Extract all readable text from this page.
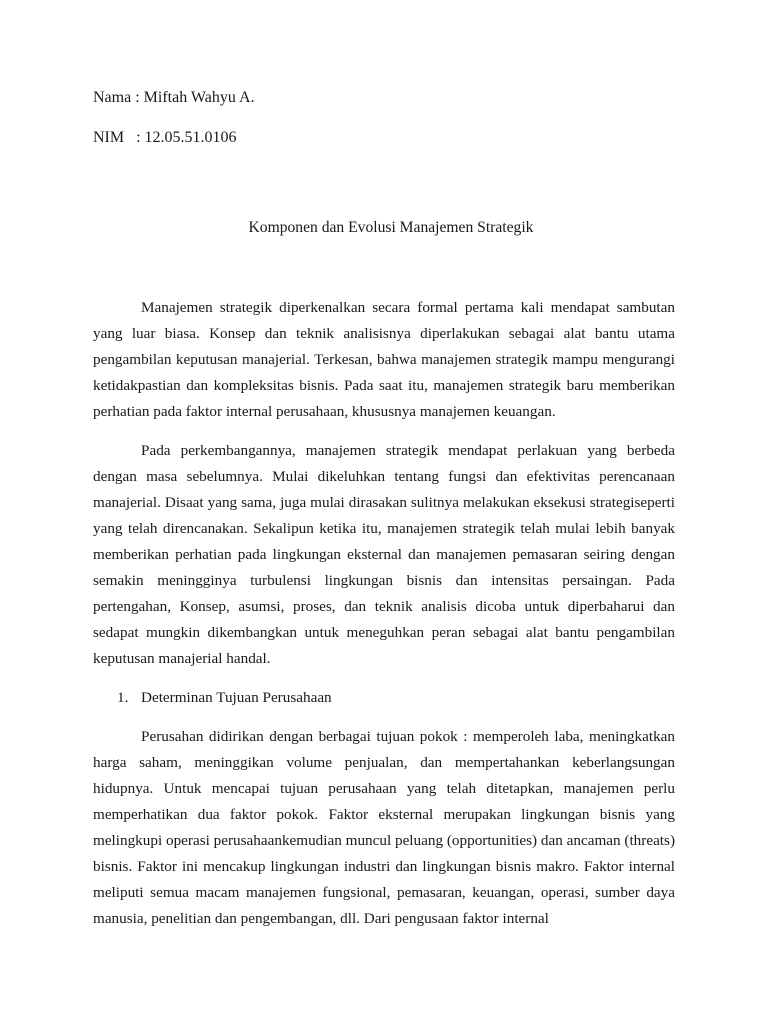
Nama : Miftah Wahyu A.

NIM   : 12.05.51.0106

Komponen dan Evolusi Manajemen Strategik

Manajemen strategik diperkenalkan secara formal pertama kali mendapat sambutan yang luar biasa. Konsep dan teknik analisisnya diperlakukan sebagai alat bantu utama pengambilan keputusan manajerial. Terkesan, bahwa manajemen strategik mampu mengurangi ketidakpastian dan kompleksitas bisnis. Pada saat itu, manajemen strategik baru memberikan perhatian pada faktor internal perusahaan, khususnya manajemen keuangan.

Pada perkembangannya, manajemen strategik mendapat perlakuan yang berbeda dengan masa sebelumnya. Mulai dikeluhkan tentang fungsi dan efektivitas perencanaan manajerial. Disaat yang sama, juga mulai dirasakan sulitnya melakukan eksekusi strategiseperti yang telah direncanakan. Sekalipun ketika itu, manajemen strategik telah mulai lebih banyak memberikan perhatian pada lingkungan eksternal dan manajemen pemasaran seiring dengan semakin meningginya turbulensi lingkungan bisnis dan intensitas persaingan. Pada pertengahan, Konsep, asumsi, proses, dan teknik analisis dicoba untuk diperbaharui dan sedapat mungkin dikembangkan untuk meneguhkan peran sebagai alat bantu pengambilan keputusan manajerial handal.

1. Determinan Tujuan Perusahaan

Perusahan didirikan dengan berbagai tujuan pokok : memperoleh laba, meningkatkan harga saham, meninggikan volume penjualan, dan mempertahankan keberlangsungan hidupnya. Untuk mencapai tujuan perusahaan yang telah ditetapkan, manajemen perlu memperhatikan dua faktor pokok. Faktor eksternal merupakan lingkungan bisnis yang melingkupi operasi perusahaankemudian muncul peluang (opportunities) dan ancaman (threats) bisnis. Faktor ini mencakup lingkungan industri dan lingkungan bisnis makro. Faktor internal meliputi semua macam manajemen fungsional, pemasaran, keuangan, operasi, sumber daya manusia, penelitian dan pengembangan, dll. Dari pengusaan faktor internal
